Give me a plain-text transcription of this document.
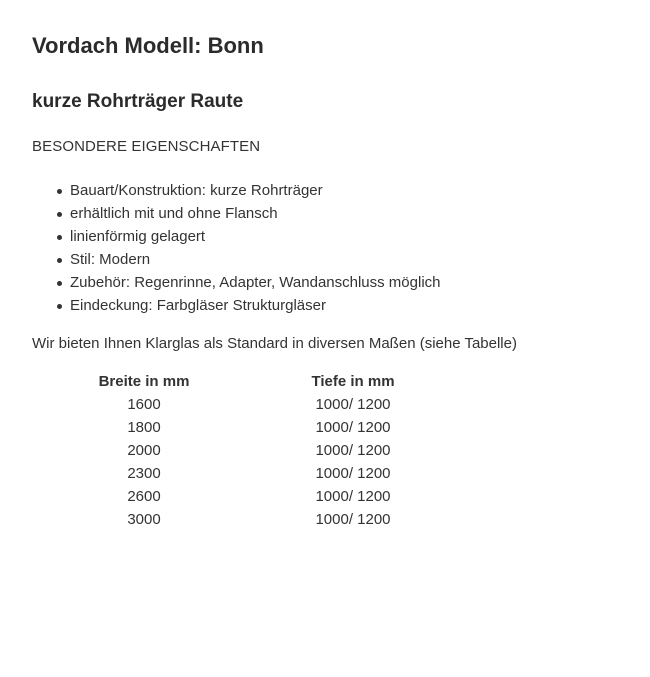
Vordach Modell: Bonn
kurze Rohrträger Raute
BESONDERE EIGENSCHAFTEN
Bauart/Konstruktion: kurze Rohrträger
erhältlich mit und ohne Flansch
linienförmig gelagert
Stil: Modern
Zubehör: Regenrinne, Adapter, Wandanschluss möglich
Eindeckung: Farbgläser Strukturgläser

Wir bieten Ihnen Klarglas als Standard in diversen Maßen (siehe Tabelle)

Breite in mm	Tiefe in mm
1600	1000/ 1200
1800	1000/ 1200
2000	1000/ 1200
2300	1000/ 1200
2600	1000/ 1200
3000	1000/ 1200
